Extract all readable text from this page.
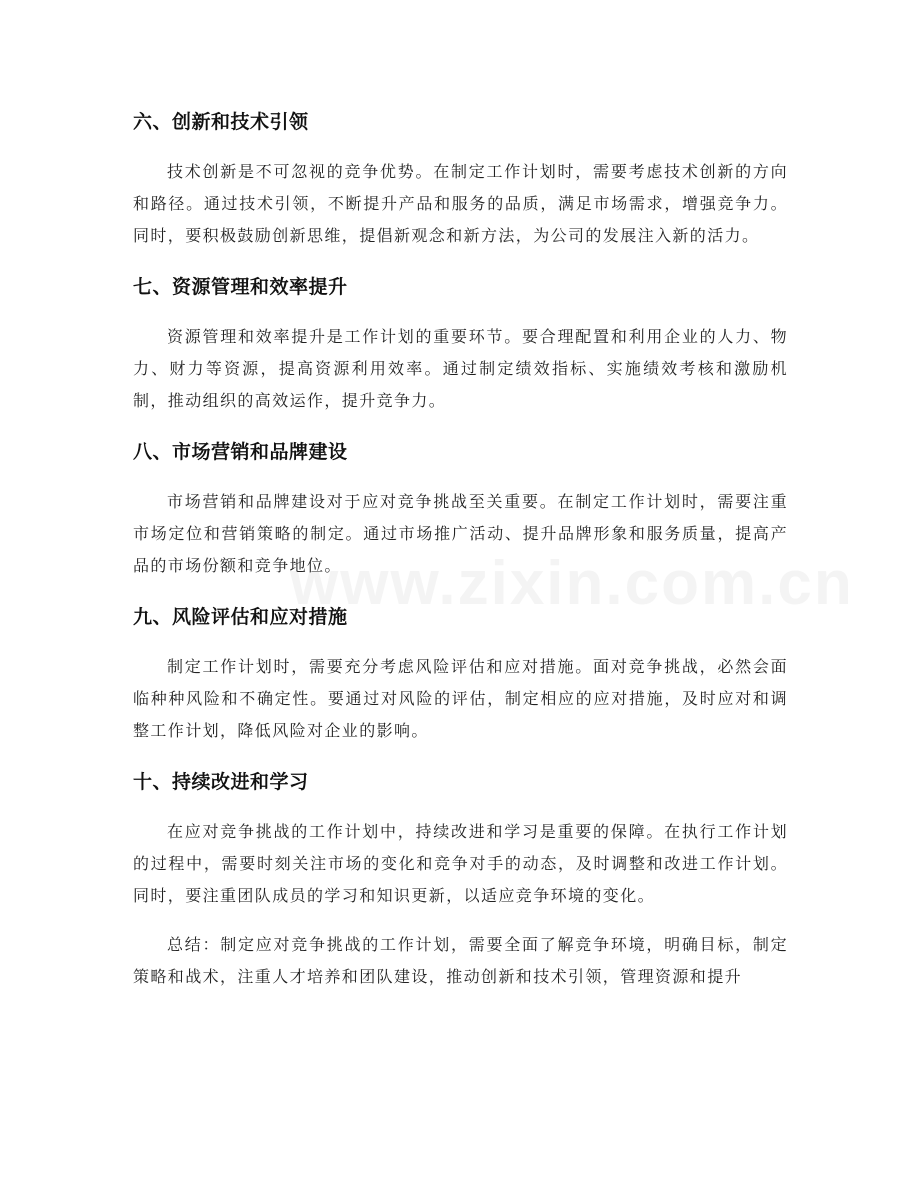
www.zixin.com.cn
六、创新和技术引领

技术创新是不可忽视的竞争优势。在制定工作计划时，需要考虑技术创新的方向和路径。通过技术引领，不断提升产品和服务的品质，满足市场需求，增强竞争力。同时，要积极鼓励创新思维，提倡新观念和新方法，为公司的发展注入新的活力。

七、资源管理和效率提升

资源管理和效率提升是工作计划的重要环节。要合理配置和利用企业的人力、物力、财力等资源，提高资源利用效率。通过制定绩效指标、实施绩效考核和激励机制，推动组织的高效运作，提升竞争力。

八、市场营销和品牌建设

市场营销和品牌建设对于应对竞争挑战至关重要。在制定工作计划时，需要注重市场定位和营销策略的制定。通过市场推广活动、提升品牌形象和服务质量，提高产品的市场份额和竞争地位。

九、风险评估和应对措施

制定工作计划时，需要充分考虑风险评估和应对措施。面对竞争挑战，必然会面临种种风险和不确定性。要通过对风险的评估，制定相应的应对措施，及时应对和调整工作计划，降低风险对企业的影响。

十、持续改进和学习

在应对竞争挑战的工作计划中，持续改进和学习是重要的保障。在执行工作计划的过程中，需要时刻关注市场的变化和竞争对手的动态，及时调整和改进工作计划。同时，要注重团队成员的学习和知识更新，以适应竞争环境的变化。

总结：制定应对竞争挑战的工作计划，需要全面了解竞争环境，明确目标，制定策略和战术，注重人才培养和团队建设，推动创新和技术引领，管理资源和提升
